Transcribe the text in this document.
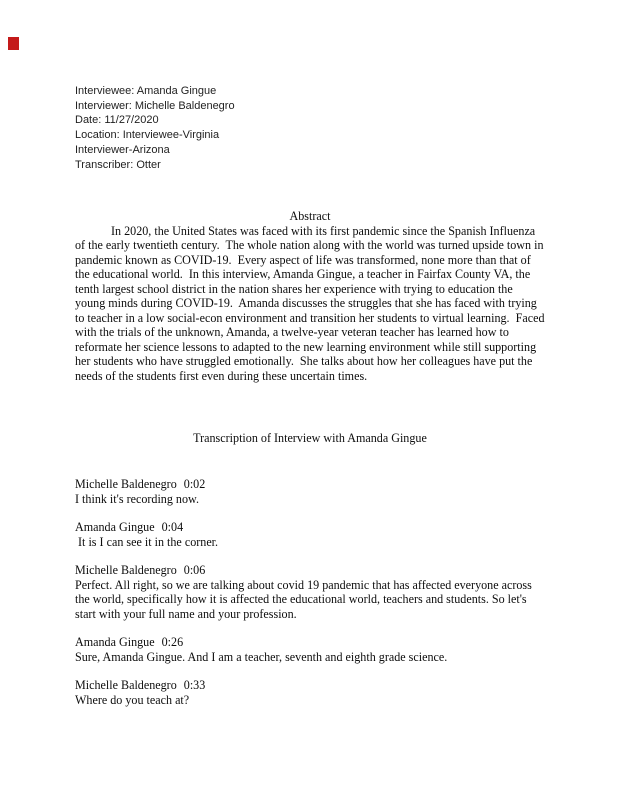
Interviewee: Amanda Gingue
Interviewer: Michelle Baldenegro
Date: 11/27/2020
Location: Interviewee-Virginia
Interviewer-Arizona
Transcriber: Otter
Abstract
In 2020, the United States was faced with its first pandemic since the Spanish Influenza of the early twentieth century.  The whole nation along with the world was turned upside town in pandemic known as COVID-19.  Every aspect of life was transformed, none more than that of the educational world.  In this interview, Amanda Gingue, a teacher in Fairfax County VA, the tenth largest school district in the nation shares her experience with trying to education the young minds during COVID-19.  Amanda discusses the struggles that she has faced with trying to teacher in a low social-econ environment and transition her students to virtual learning.  Faced with the trials of the unknown, Amanda, a twelve-year veteran teacher has learned how to reformate her science lessons to adapted to the new learning environment while still supporting her students who have struggled emotionally.  She talks about how her colleagues have put the needs of the students first even during these uncertain times.
Transcription of Interview with Amanda Gingue
Michelle Baldenegro 0:02
I think it's recording now.
Amanda Gingue 0:04
It is I can see it in the corner.
Michelle Baldenegro 0:06
Perfect. All right, so we are talking about covid 19 pandemic that has affected everyone across the world, specifically how it is affected the educational world, teachers and students. So let's start with your full name and your profession.
Amanda Gingue 0:26
Sure, Amanda Gingue. And I am a teacher, seventh and eighth grade science.
Michelle Baldenegro 0:33
Where do you teach at?
